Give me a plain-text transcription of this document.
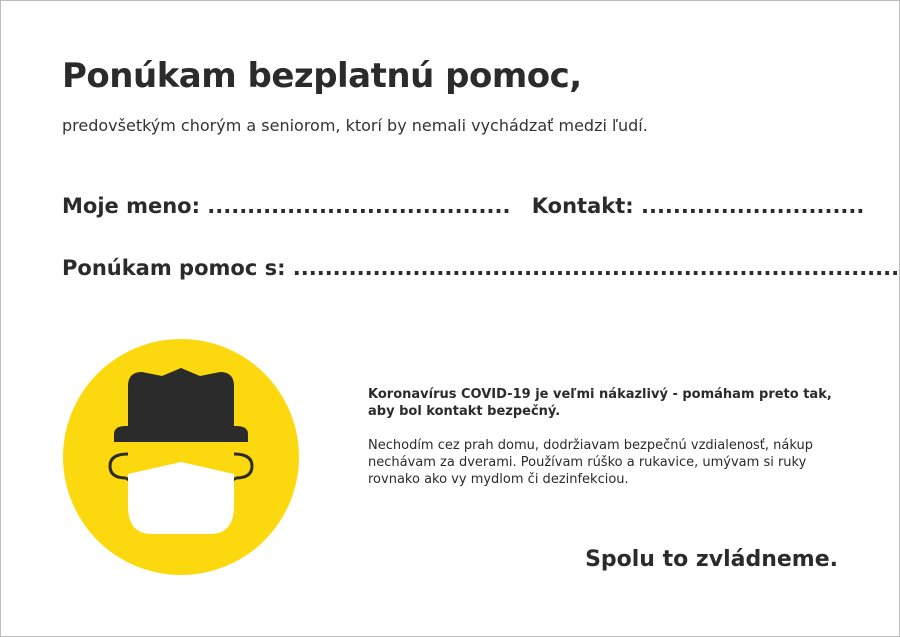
Ponúkam bezplatnú pomoc,
predovšetkým chorým a seniorom, ktorí by nemali vychádzať medzi ľudí.
Moje meno: ...................................... Kontakt: ............................
Ponúkam pomoc s: ............................................................................
Koronavírus COVID-19 je veľmi nákazlivý - pomáham preto tak, aby bol kontakt bezpečný.
Nechodím cez prah domu, dodržiavam bezpečnú vzdialenosť, nákup nechávam za dverami. Používam rúško a rukavice, umývam si ruky rovnako ako vy mydlom či dezinfekciou.
Spolu to zvládneme.
